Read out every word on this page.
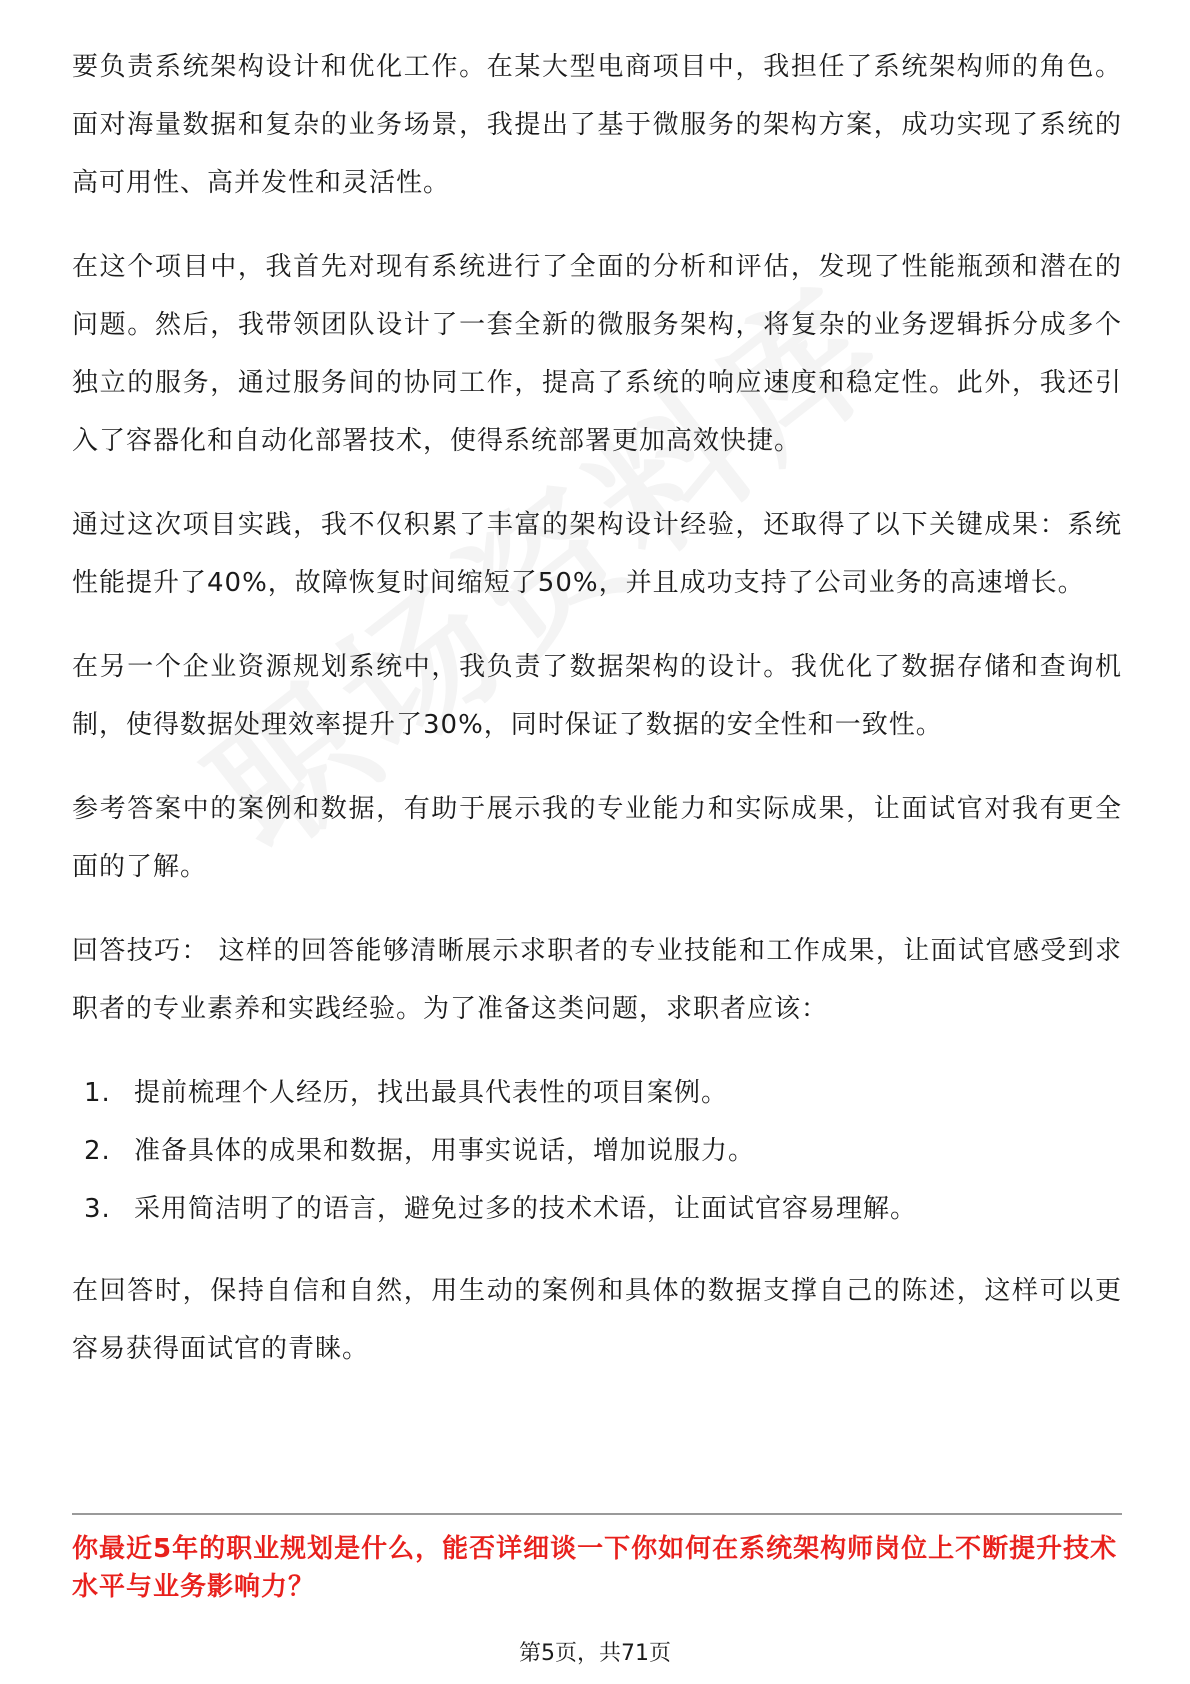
要负责系统架构设计和优化工作。在某大型电商项目中，我担任了系统架构师的角色。面对海量数据和复杂的业务场景，我提出了基于微服务的架构方案，成功实现了系统的高可用性、高并发性和灵活性。

在这个项目中，我首先对现有系统进行了全面的分析和评估，发现了性能瓶颈和潜在的问题。然后，我带领团队设计了一套全新的微服务架构，将复杂的业务逻辑拆分成多个独立的服务，通过服务间的协同工作，提高了系统的响应速度和稳定性。此外，我还引入了容器化和自动化部署技术，使得系统部署更加高效快捷。

通过这次项目实践，我不仅积累了丰富的架构设计经验，还取得了以下关键成果：系统性能提升了40%，故障恢复时间缩短了50%，并且成功支持了公司业务的高速增长。

在另一个企业资源规划系统中，我负责了数据架构的设计。我优化了数据存储和查询机制，使得数据处理效率提升了30%，同时保证了数据的安全性和一致性。

参考答案中的案例和数据，有助于展示我的专业能力和实际成果，让面试官对我有更全面的了解。

回答技巧： 这样的回答能够清晰展示求职者的专业技能和工作成果，让面试官感受到求职者的专业素养和实践经验。为了准备这类问题，求职者应该：

1. 提前梳理个人经历，找出最具代表性的项目案例。
2. 准备具体的成果和数据，用事实说话，增加说服力。
3. 采用简洁明了的语言，避免过多的技术术语，让面试官容易理解。

在回答时，保持自信和自然，用生动的案例和具体的数据支撑自己的陈述，这样可以更容易获得面试官的青睐。

你最近5年的职业规划是什么，能否详细谈一下你如何在系统架构师岗位上不断提升技术水平与业务影响力？
第5页，共71页
